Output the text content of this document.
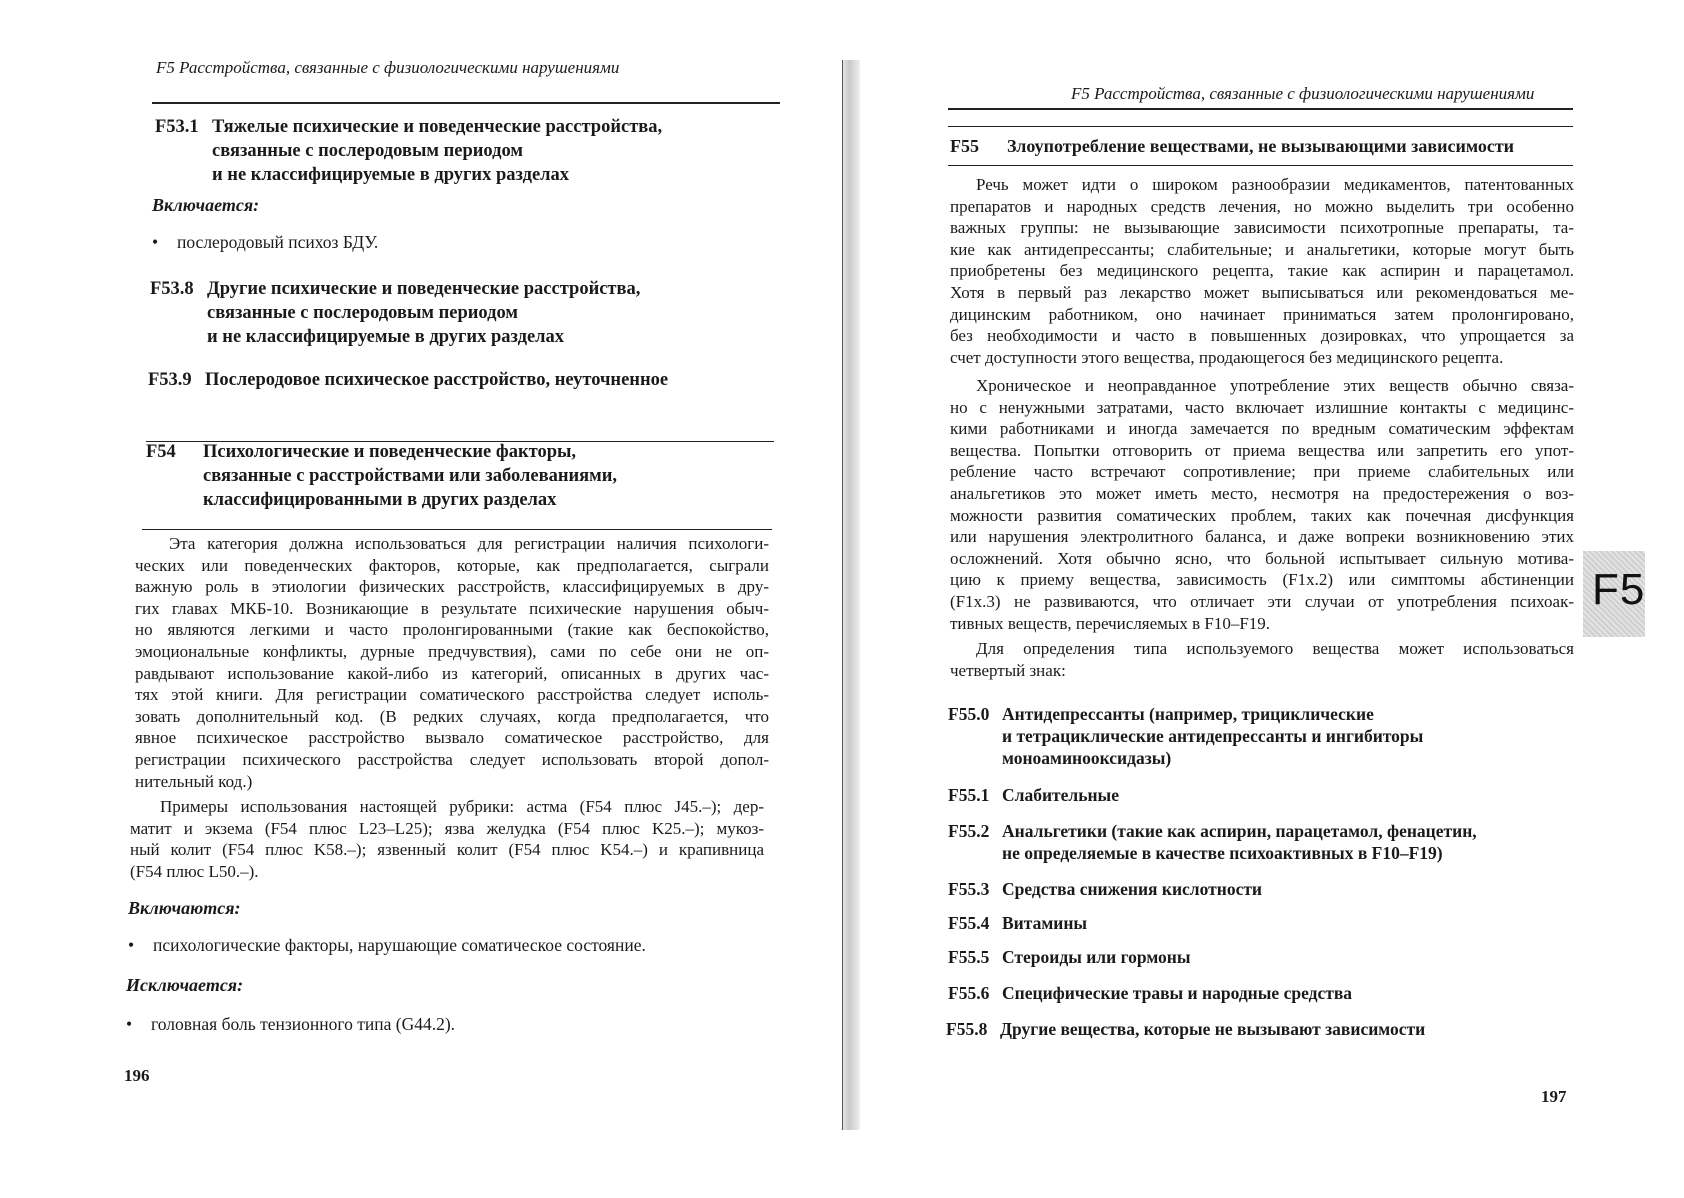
F5 Расстройства, связанные с физиологическими нарушениями
F53.1 Тяжелые психические и поведенческие расстройства,
связанные с послеродовым периодом
и не классифицируемые в других разделах
Включается:
• послеродовый психоз БДУ.
F53.8 Другие психические и поведенческие расстройства,
связанные с послеродовым периодом
и не классифицируемые в других разделах
F53.9 Послеродовое психическое расстройство, неуточненное
F54 Психологические и поведенческие факторы,
связанные с расстройствами или заболеваниями,
классифицированными в других разделах
Эта категория должна использоваться для регистрации наличия психологи-
ческих или поведенческих факторов, которые, как предполагается, сыграли
важную роль в этиологии физических расстройств, классифицируемых в дру-
гих главах МКБ-10. Возникающие в результате психические нарушения обыч-
но являются легкими и часто пролонгированными (такие как беспокойство,
эмоциональные конфликты, дурные предчувствия), сами по себе они не оп-
равдывают использование какой-либо из категорий, описанных в других час-
тях этой книги. Для регистрации соматического расстройства следует исполь-
зовать дополнительный код. (В редких случаях, когда предполагается, что
явное психическое расстройство вызвало соматическое расстройство, для
регистрации психического расстройства следует использовать второй допол-
нительный код.)
Примеры использования настоящей рубрики: астма (F54 плюс J45.–); дер-
матит и экзема (F54 плюс L23–L25); язва желудка (F54 плюс K25.–); мукоз-
ный колит (F54 плюс K58.–); язвенный колит (F54 плюс K54.–) и крапивница
(F54 плюс L50.–).
Включаются:
• психологические факторы, нарушающие соматическое состояние.
Исключается:
• головная боль тензионного типа (G44.2).
196
F5 Расстройства, связанные с физиологическими нарушениями
F55 Злоупотребление веществами, не вызывающими зависимости
Речь может идти о широком разнообразии медикаментов, патентованных
препаратов и народных средств лечения, но можно выделить три особенно
важных группы: не вызывающие зависимости психотропные препараты, та-
кие как антидепрессанты; слабительные; и анальгетики, которые могут быть
приобретены без медицинского рецепта, такие как аспирин и парацетамол.
Хотя в первый раз лекарство может выписываться или рекомендоваться ме-
дицинским работником, оно начинает приниматься затем пролонгировано,
без необходимости и часто в повышенных дозировках, что упрощается за
счет доступности этого вещества, продающегося без медицинского рецепта.
Хроническое и неоправданное употребление этих веществ обычно связа-
но с ненужными затратами, часто включает излишние контакты с медицинс-
кими работниками и иногда замечается по вредным соматическим эффектам
вещества. Попытки отговорить от приема вещества или запретить его упот-
ребление часто встречают сопротивление; при приеме слабительных или
анальгетиков это может иметь место, несмотря на предостережения о воз-
можности развития соматических проблем, таких как почечная дисфункция
или нарушения электролитного баланса, и даже вопреки возникновению этих
осложнений. Хотя обычно ясно, что больной испытывает сильную мотива-
цию к приему вещества, зависимость (F1x.2) или симптомы абстиненции
(F1x.3) не развиваются, что отличает эти случаи от употребления психоак-
тивных веществ, перечисляемых в F10–F19.
Для определения типа используемого вещества может использоваться
четвертый знак:
F55.0 Антидепрессанты (например, трициклические
и тетрациклические антидепрессанты и ингибиторы
моноаминооксидазы)
F55.1 Слабительные
F55.2 Анальгетики (такие как аспирин, парацетамол, фенацетин,
не определяемые в качестве психоактивных в F10–F19)
F55.3 Средства снижения кислотности
F55.4 Витамины
F55.5 Стероиды или гормоны
F55.6 Специфические травы и народные средства
F55.8 Другие вещества, которые не вызывают зависимости
F5
197
